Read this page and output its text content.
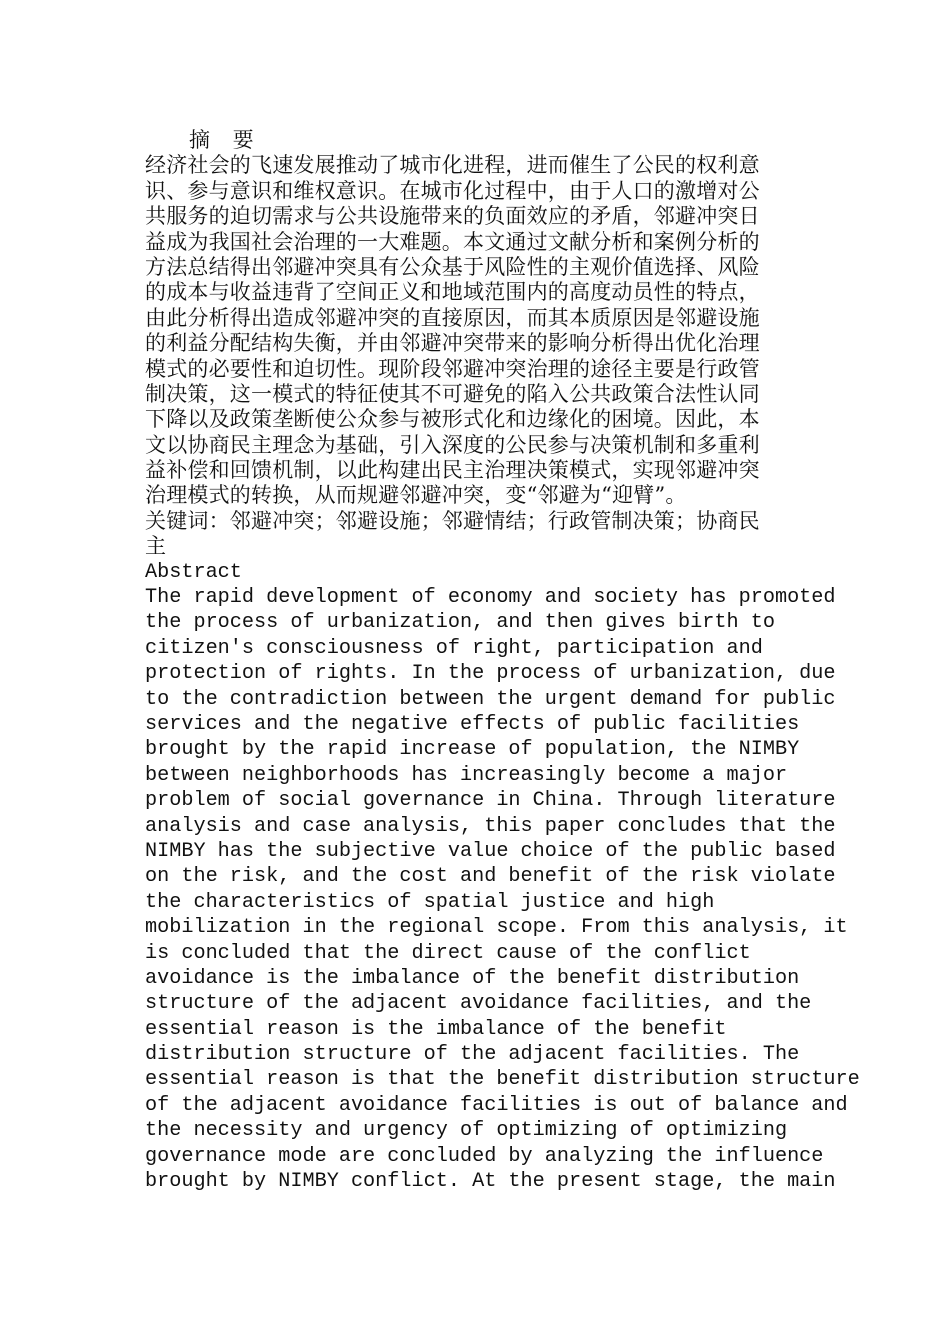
摘 要
经济社会的飞速发展推动了城市化进程，进而催生了公民的权利意
识、参与意识和维权意识。在城市化过程中，由于人口的激增对公
共服务的迫切需求与公共设施带来的负面效应的矛盾，邻避冲突日
益成为我国社会治理的一大难题。本文通过文献分析和案例分析的
方法总结得出邻避冲突具有公众基于风险性的主观价值选择、风险
的成本与收益违背了空间正义和地域范围内的高度动员性的特点，
由此分析得出造成邻避冲突的直接原因，而其本质原因是邻避设施
的利益分配结构失衡，并由邻避冲突带来的影响分析得出优化治理
模式的必要性和迫切性。现阶段邻避冲突治理的途径主要是行政管
制决策，这一模式的特征使其不可避免的陷入公共政策合法性认同
下降以及政策垄断使公众参与被形式化和边缘化的困境。因此，本
文以协商民主理念为基础，引入深度的公民参与决策机制和多重利
益补偿和回馈机制，以此构建出民主治理决策模式，实现邻避冲突
治理模式的转换，从而规避邻避冲突，变“邻避为“迎臂”。
关键词：邻避冲突；邻避设施；邻避情结；行政管制决策；协商民
主
Abstract
The rapid development of economy and society has promoted
the process of urbanization, and then gives birth to
citizen's consciousness of right, participation and
protection of rights. In the process of urbanization, due
to the contradiction between the urgent demand for public
services and the negative effects of public facilities
brought by the rapid increase of population, the NIMBY
between neighborhoods has increasingly become a major
problem of social governance in China. Through literature
analysis and case analysis, this paper concludes that the
NIMBY has the subjective value choice of the public based
on the risk, and the cost and benefit of the risk violate
the characteristics of spatial justice and high
mobilization in the regional scope. From this analysis, it
is concluded that the direct cause of the conflict
avoidance is the imbalance of the benefit distribution
structure of the adjacent avoidance facilities, and the
essential reason is the imbalance of the benefit
distribution structure of the adjacent facilities. The
essential reason is that the benefit distribution structure
of the adjacent avoidance facilities is out of balance and
the necessity and urgency of optimizing of optimizing
governance mode are concluded by analyzing the influence
brought by NIMBY conflict. At the present stage, the main
